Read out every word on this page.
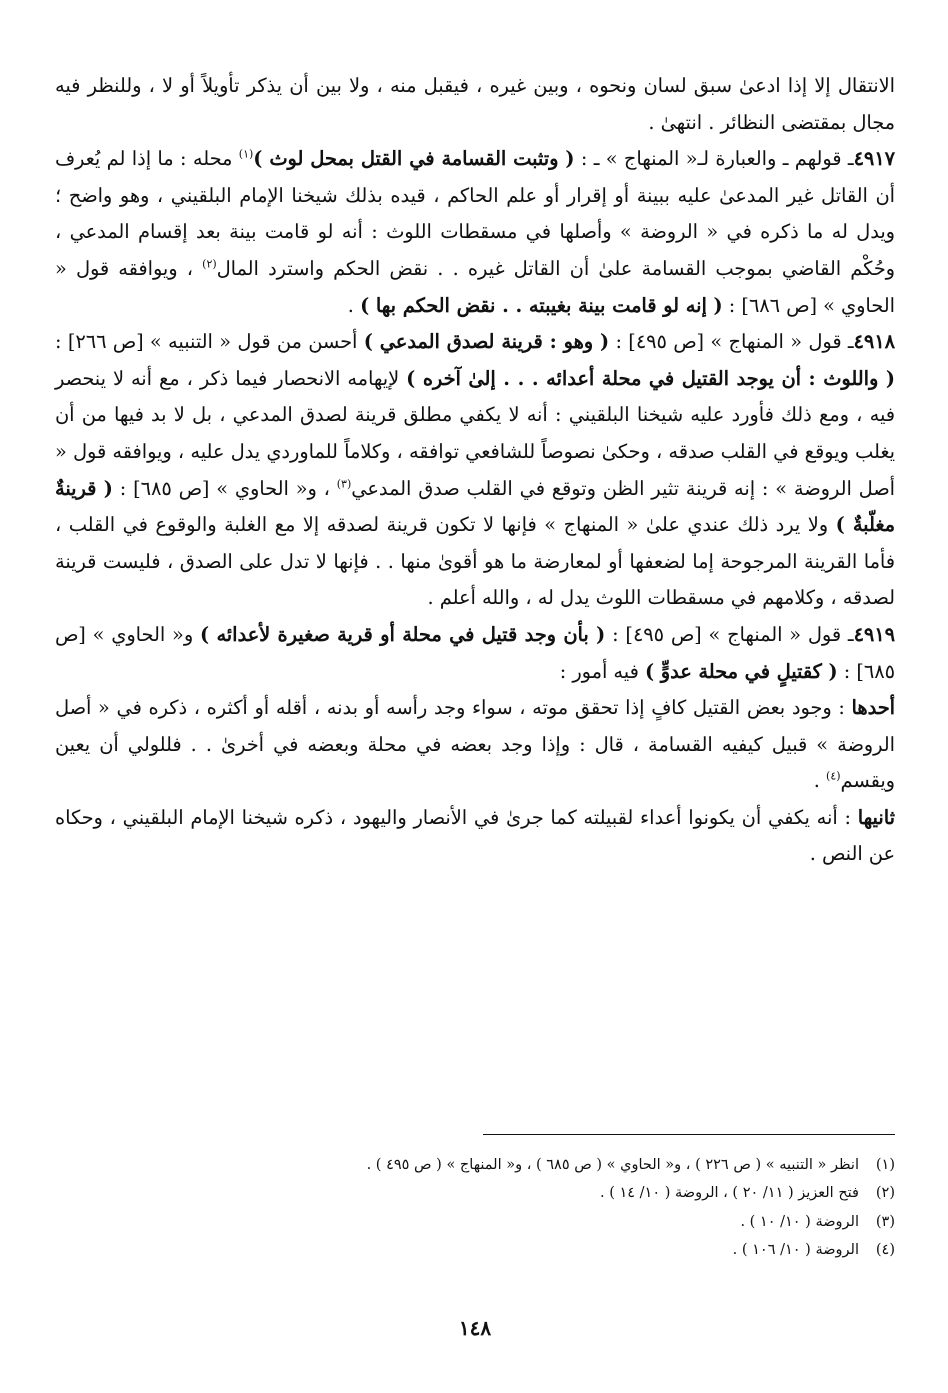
الانتقال إلا إذا ادعىٰ سبق لسان ونحوه ، وبين غيره ، فيقبل منه ، ولا بين أن يذكر تأويلاً أو لا ، وللنظر فيه مجال بمقتضى النظائر . انتهىٰ .

٤٩١٧ـ قولهم ـ والعبارة لـ« المنهاج » ـ : ( وتثبت القسامة في القتل بمحل لوث )$^{(١)}$ محله : ما إذا لم يُعرف أن القاتل غير المدعىٰ عليه ببينة أو إقرار أو علم الحاكم ، قيده بذلك شيخنا الإمام البلقيني ، وهو واضح ؛ ويدل له ما ذكره في « الروضة » وأصلها في مسقطات اللوث : أنه لو قامت بينة بعد إقسام المدعي ، وحُكْم القاضي بموجب القسامة علىٰ أن القاتل غيره . . نقض الحكم واسترد المال$^{(٢)}$ ، ويوافقه قول « الحاوي » [ص ٦٨٦] : ( إنه لو قامت بينة بغيبته . . نقض الحكم بها ) .

٤٩١٨ـ قول « المنهاج » [ص ٤٩٥] : ( وهو : قرينة لصدق المدعي ) أحسن من قول « التنبيه » [ص ٢٦٦] : ( واللوث : أن يوجد القتيل في محلة أعدائه . . . إلىٰ آخره ) لإيهامه الانحصار فيما ذكر ، مع أنه لا ينحصر فيه ، ومع ذلك فأورد عليه شيخنا البلقيني : أنه لا يكفي مطلق قرينة لصدق المدعي ، بل لا بد فيها من أن يغلب ويوقع في القلب صدقه ، وحكىٰ نصوصاً للشافعي توافقه ، وكلاماً للماوردي يدل عليه ، ويوافقه قول « أصل الروضة » : إنه قرينة تثير الظن وتوقع في القلب صدق المدعي$^{(٣)}$ ، و« الحاوي » [ص ٦٨٥] : ( قرينةٌ مغلّبةٌ ) ولا يرد ذلك عندي علىٰ « المنهاج » فإنها لا تكون قرينة لصدقه إلا مع الغلبة والوقوع في القلب ، فأما القرينة المرجوحة إما لضعفها أو لمعارضة ما هو أقوىٰ منها . . فإنها لا تدل على الصدق ، فليست قرينة لصدقه ، وكلامهم في مسقطات اللوث يدل له ، والله أعلم .

٤٩١٩ـ قول « المنهاج » [ص ٤٩٥] : ( بأن وجد قتيل في محلة أو قرية صغيرة لأعدائه ) و« الحاوي » [ص ٦٨٥] : ( كقتيلٍ في محلة عدوٍّ ) فيه أمور :

أحدها : وجود بعض القتيل كافٍ إذا تحقق موته ، سواء وجد رأسه أو بدنه ، أقله أو أكثره ، ذكره في « أصل الروضة » قبيل كيفيه القسامة ، قال : وإذا وجد بعضه في محلة وبعضه في أخرىٰ . . فللولي أن يعين ويقسم$^{(٤)}$ .

ثانيها : أنه يكفي أن يكونوا أعداء لقبيلته كما جرىٰ في الأنصار واليهود ، ذكره شيخنا الإمام البلقيني ، وحكاه عن النص .

(١)
انظر « التنبيه » ( ص ٢٢٦ ) ، و« الحاوي » ( ص ٦٨٥ ) ، و« المنهاج » ( ص ٤٩٥ ) .
(٢)
فتح العزيز ( ١١/ ٢٠ ) ، الروضة ( ١٠/ ١٤ ) .
(٣)
الروضة ( ١٠/ ١٠ ) .
(٤)
الروضة ( ١٠/ ١٠٦ ) .
١٤٨
